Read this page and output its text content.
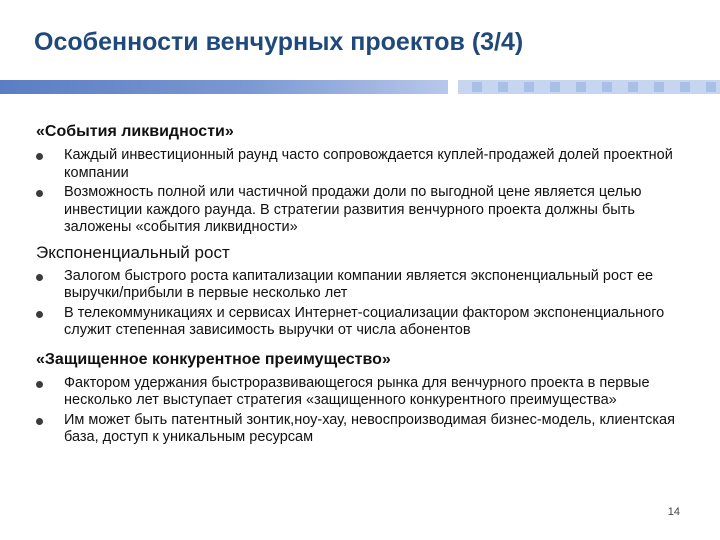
Особенности венчурных проектов (3/4)

«События ликвидности»

Каждый инвестиционный раунд часто сопровождается куплей-продажей долей проектной компании
Возможность полной или частичной продажи доли по выгодной цене является целью инвестиции каждого раунда. В стратегии развития венчурного проекта должны быть заложены «события ликвидности»

Экспоненциальный рост

Залогом быстрого роста капитализации компании является экспоненциальный рост ее выручки/прибыли в первые несколько лет
В телекоммуникациях и сервисах Интернет-социализации фактором экспоненциального служит степенная зависимость выручки от числа абонентов

«Защищенное конкурентное преимущество»

Фактором удержания быстроразвивающегося рынка для венчурного проекта в первые несколько лет выступает стратегия «защищенного конкурентного преимущества»
Им может быть патентный зонтик,ноу-хау, невоспроизводимая бизнес-модель, клиентская база, доступ к уникальным ресурсам
14
